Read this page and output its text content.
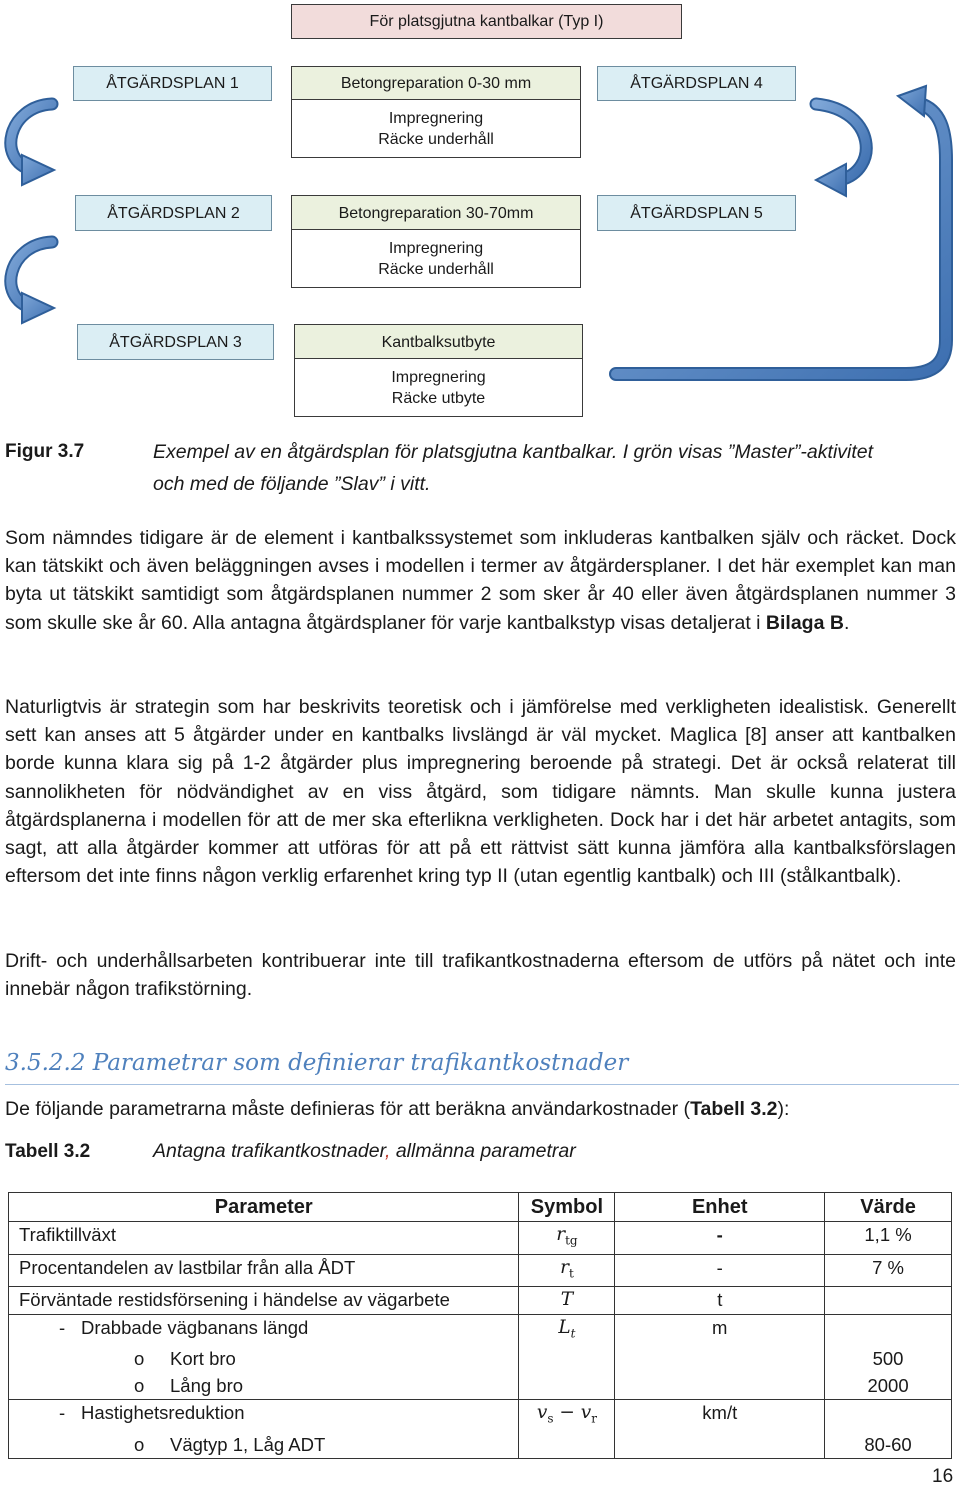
För platsgjutna kantbalkar (Typ I)
ÅTGÄRDSPLAN 1	Betongreparation 0-30 mm
Impregnering
Räcke underhåll
ÅTGÄRDSPLAN 4
ÅTGÄRDSPLAN 2	Betongreparation 30-70mm
Impregnering
Räcke underhåll
ÅTGÄRDSPLAN 5
ÅTGÄRDSPLAN 3	Kantbalksutbyte
Impregnering
Räcke utbyte
Figur 3.7	Exempel av en åtgärdsplan för platsgjutna kantbalkar. I grön visas ”Master”-aktivitet
och med de följande ”Slav” i vitt.

Som nämndes tidigare är de element i kantbalkssystemet som inkluderas kantbalken själv och räcket. Dock kan tätskikt och även beläggningen avses i modellen i termer av åtgärdersplaner. I det här exemplet kan man byta ut tätskikt samtidigt som åtgärdsplanen nummer 2 som sker år 40 eller även åtgärdsplanen nummer 3 som skulle ske år 60. Alla antagna åtgärdsplaner för varje kantbalkstyp visas detaljerat i Bilaga B.

Naturligtvis är strategin som har beskrivits teoretisk och i jämförelse med verkligheten idealistisk. Generellt sett kan anses att 5 åtgärder under en kantbalks livslängd är väl mycket. Maglica [8] anser att kantbalken borde kunna klara sig på 1-2 åtgärder plus impregnering beroende på strategi. Det är också relaterat till sannolikheten för nödvändighet av en viss åtgärd, som tidigare nämnts. Man skulle kunna justera åtgärdsplanerna i modellen för att de mer ska efterlikna verkligheten. Dock har i det här arbetet antagits, som sagt, att alla åtgärder kommer att utföras för att på ett rättvist sätt kunna jämföra alla kantbalksförslagen eftersom det inte finns någon verklig erfarenhet kring typ II (utan egentlig kantbalk) och III (stålkantbalk).

Drift- och underhållsarbeten kontribuerar inte till trafikantkostnaderna eftersom de utförs på nätet och inte innebär någon trafikstörning.

3.5.2.2 Parametrar som definierar trafikantkostnader

De följande parametrarna måste definieras för att beräkna användarkostnader (Tabell 3.2):

Tabell 3.2	Antagna trafikantkostnader, allmänna parametrar
Parameter	Symbol	Enhet	Värde
Trafiktillväxt	$r_{tg}$	-	1,1 %
Procentandelen av lastbilar från alla ÅDT	$r_t$	-	7 %
Förväntade restidsförsening i händelse av vägarbete	T	t	
- Drabbade vägbanans längd	$L_t$	m	
o Kort bro			500
o Lång bro			2000
- Hastighetsreduktion	$v_s - v_r$	km/t	
o Vägtyp 1, Låg ADT			80-60
16
